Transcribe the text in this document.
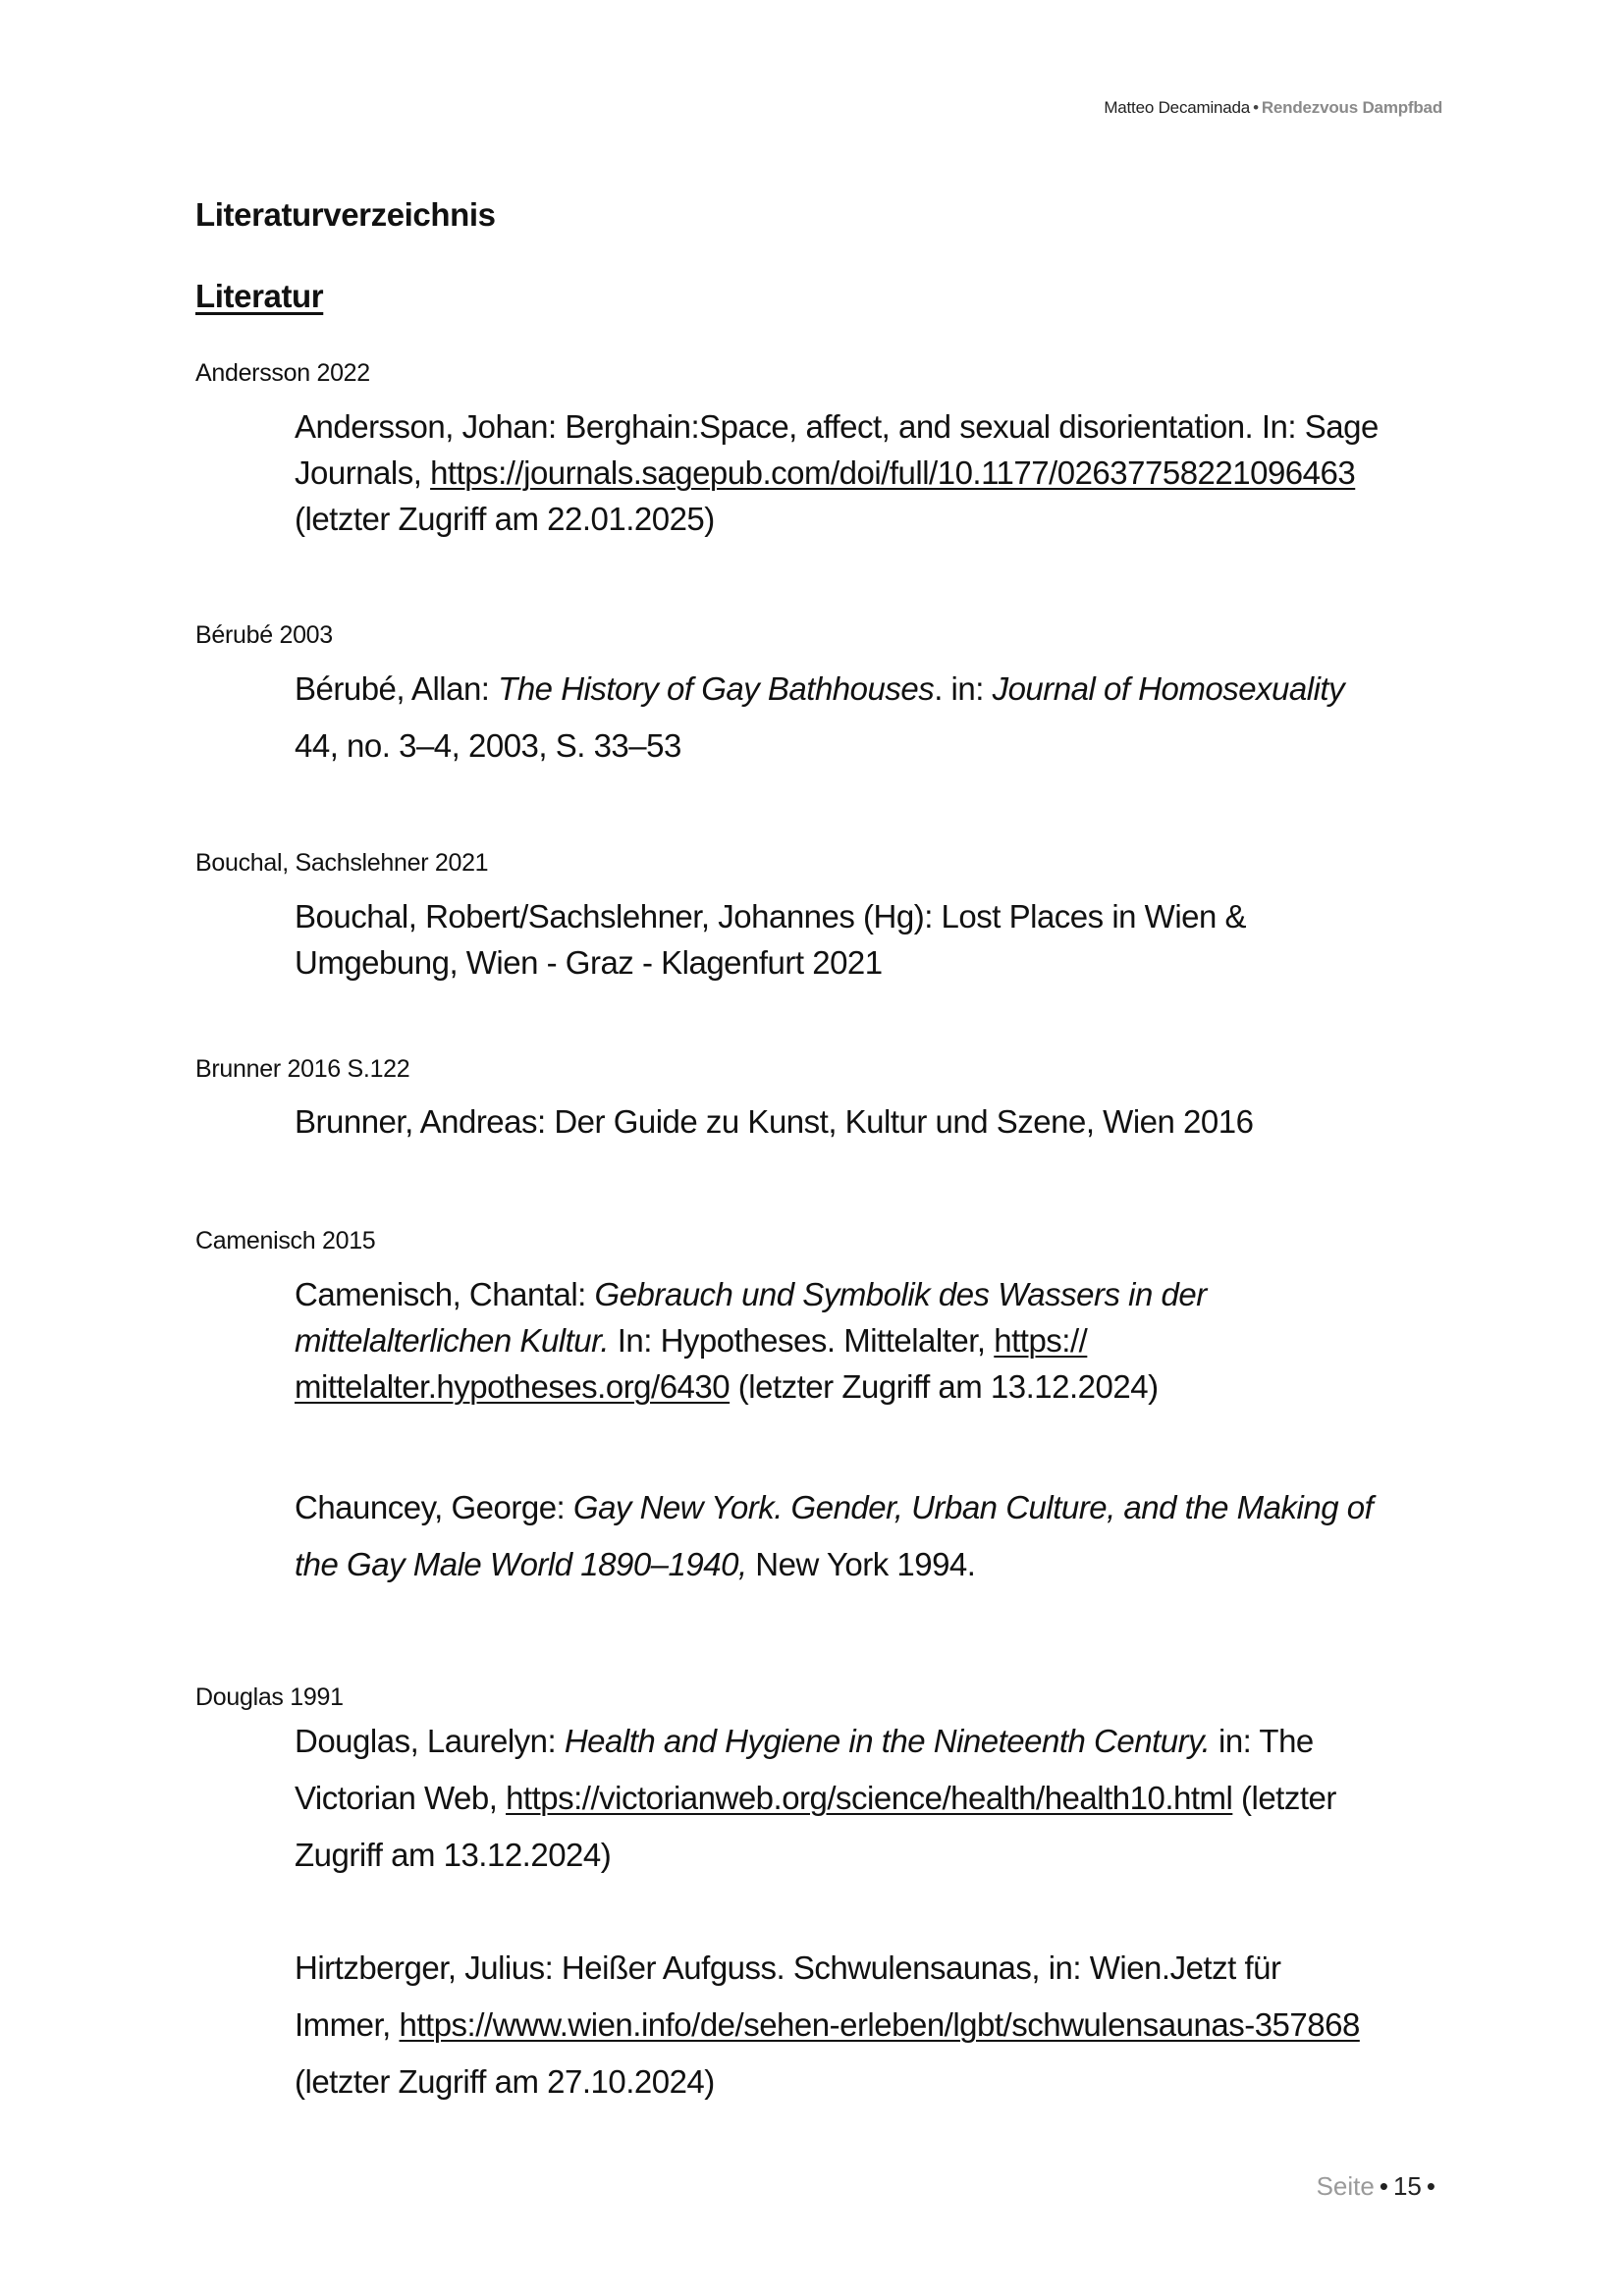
Matteo Decaminada • Rendezvous Dampfbad
Literaturverzeichnis
Literatur
Andersson 2022
Andersson, Johan: Berghain:Space, affect, and sexual disorientation. In: Sage
Journals, https://journals.sagepub.com/doi/full/10.1177/02637758221096463
(letzter Zugriff am 22.01.2025)
Bérubé 2003
Bérubé, Allan: The History of Gay Bathhouses. in: Journal of Homosexuality
44, no. 3–4, 2003, S. 33–53
Bouchal, Sachslehner 2021
Bouchal, Robert/Sachslehner, Johannes (Hg): Lost Places in Wien &
Umgebung, Wien - Graz - Klagenfurt 2021
Brunner 2016 S.122
Brunner, Andreas: Der Guide zu Kunst, Kultur und Szene, Wien 2016
Camenisch 2015
Camenisch, Chantal: Gebrauch und Symbolik des Wassers in der
mittelalterlichen Kultur. In: Hypotheses. Mittelalter, https://
mittelalter.hypotheses.org/6430 (letzter Zugriff am 13.12.2024)
Chauncey, George: Gay New York. Gender, Urban Culture, and the Making of
the Gay Male World 1890–1940, New York 1994.
Douglas 1991
Douglas, Laurelyn: Health and Hygiene in the Nineteenth Century. in: The
Victorian Web, https://victorianweb.org/science/health/health10.html (letzter
Zugriff am 13.12.2024)
Hirtzberger, Julius: Heißer Aufguss. Schwulensaunas, in: Wien.Jetzt für
Immer, https://www.wien.info/de/sehen-erleben/lgbt/schwulensaunas-357868
(letzter Zugriff am 27.10.2024)
Seite • 15 •
